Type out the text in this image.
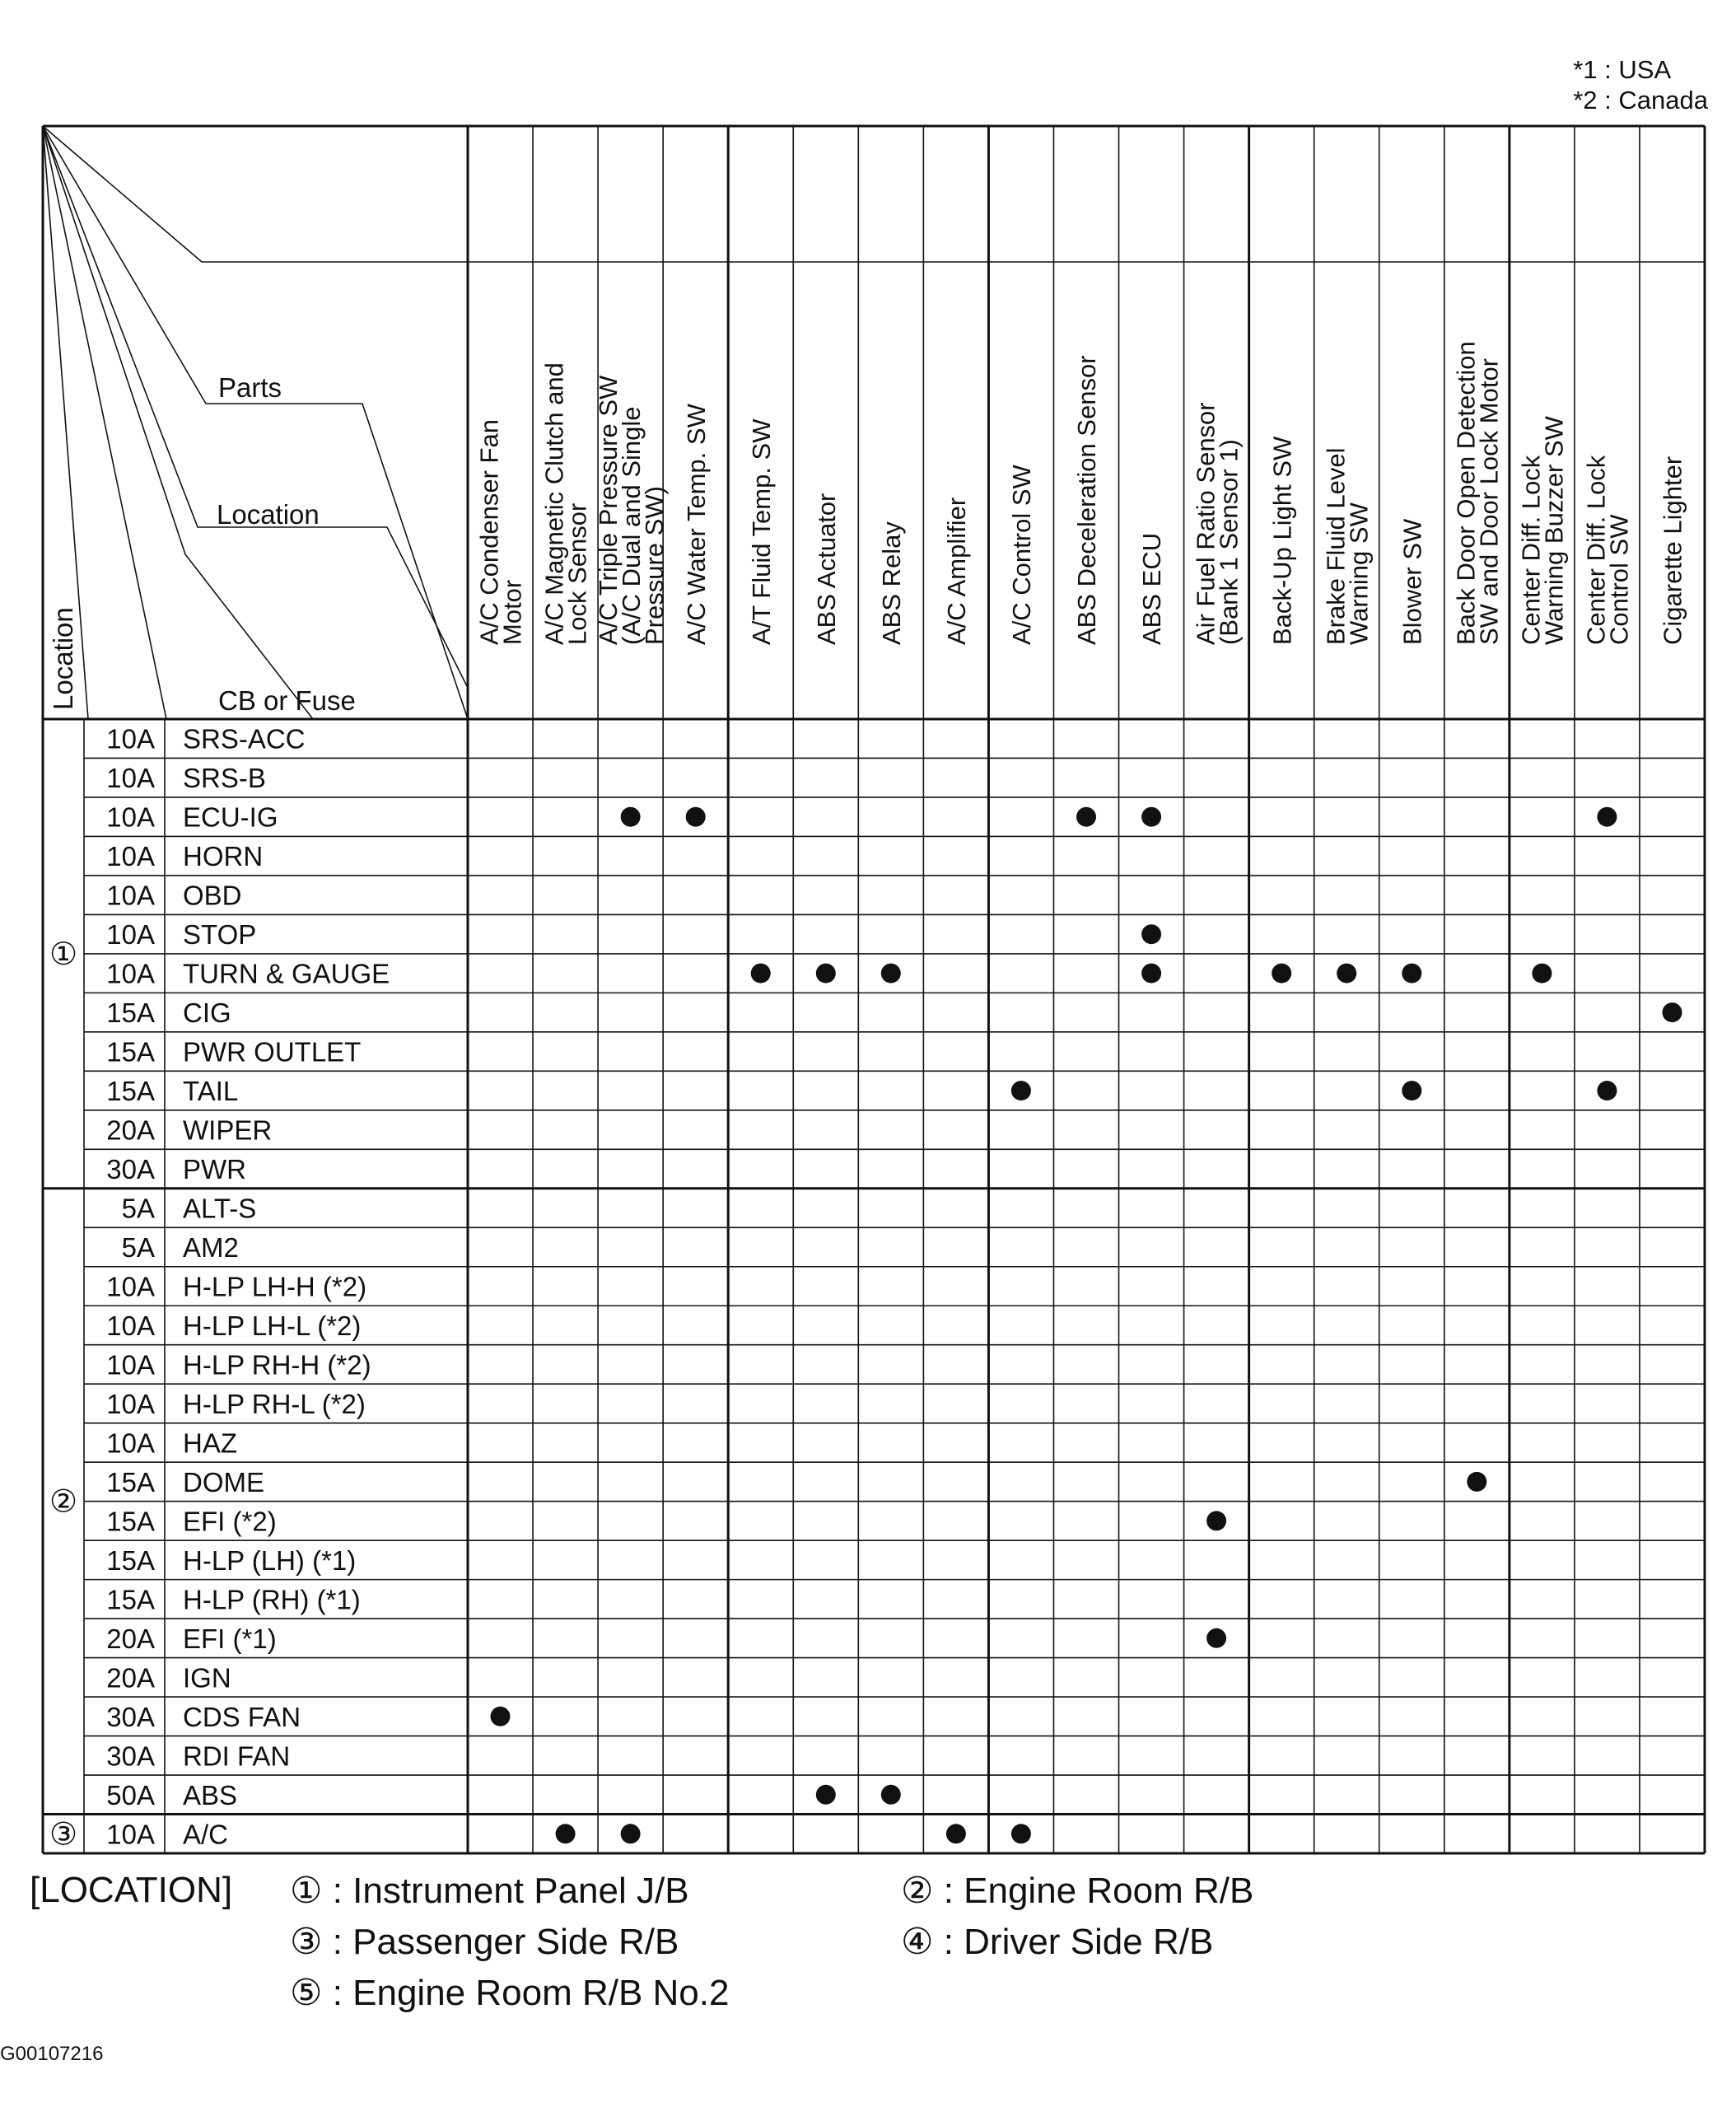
*1 : USA
*2 : Canada
Parts
Location
CB or Fuse
Location
A/C Condenser Fan
Motor A/C Magnetic Clutch and
Lock Sensor A/C Triple Pressure SW
(A/C Dual and Single
Pressure SW) A/C Water Temp. SW A/T Fluid Temp. SW ABS Actuator ABS Relay A/C Amplifier A/C Control SW ABS Deceleration Sensor ABS ECU Air Fuel Ratio Sensor
(Bank 1 Sensor 1) Back-Up Light SW Brake Fluid Level
Warning SW Blower SW Back Door Open Detection
SW and Door Lock Motor Center Diff. Lock
Warning Buzzer SW Center Diff. Lock
Control SW Cigarette Lighter
10A SRS-ACC
10A SRS-B
10A ECU-IG
10A HORN
10A OBD
10A STOP
10A TURN & GAUGE
15A CIG
15A PWR OUTLET
15A TAIL
20A WIPER
30A PWR
①
5A ALT-S
5A AM2
10A H-LP LH-H (*2)
10A H-LP LH-L (*2)
10A H-LP RH-H (*2)
10A H-LP RH-L (*2)
10A HAZ
15A DOME
15A EFI (*2)
15A H-LP (LH) (*1)
15A H-LP (RH) (*1)
20A EFI (*1)
20A IGN
30A CDS FAN
30A RDI FAN
50A ABS
②
10A A/C
③
[LOCATION] ① : Instrument Panel J/B	② : Engine Room R/B
③ : Passenger Side R/B	④ : Driver Side R/B
⑤ : Engine Room R/B No.2
G00107216
